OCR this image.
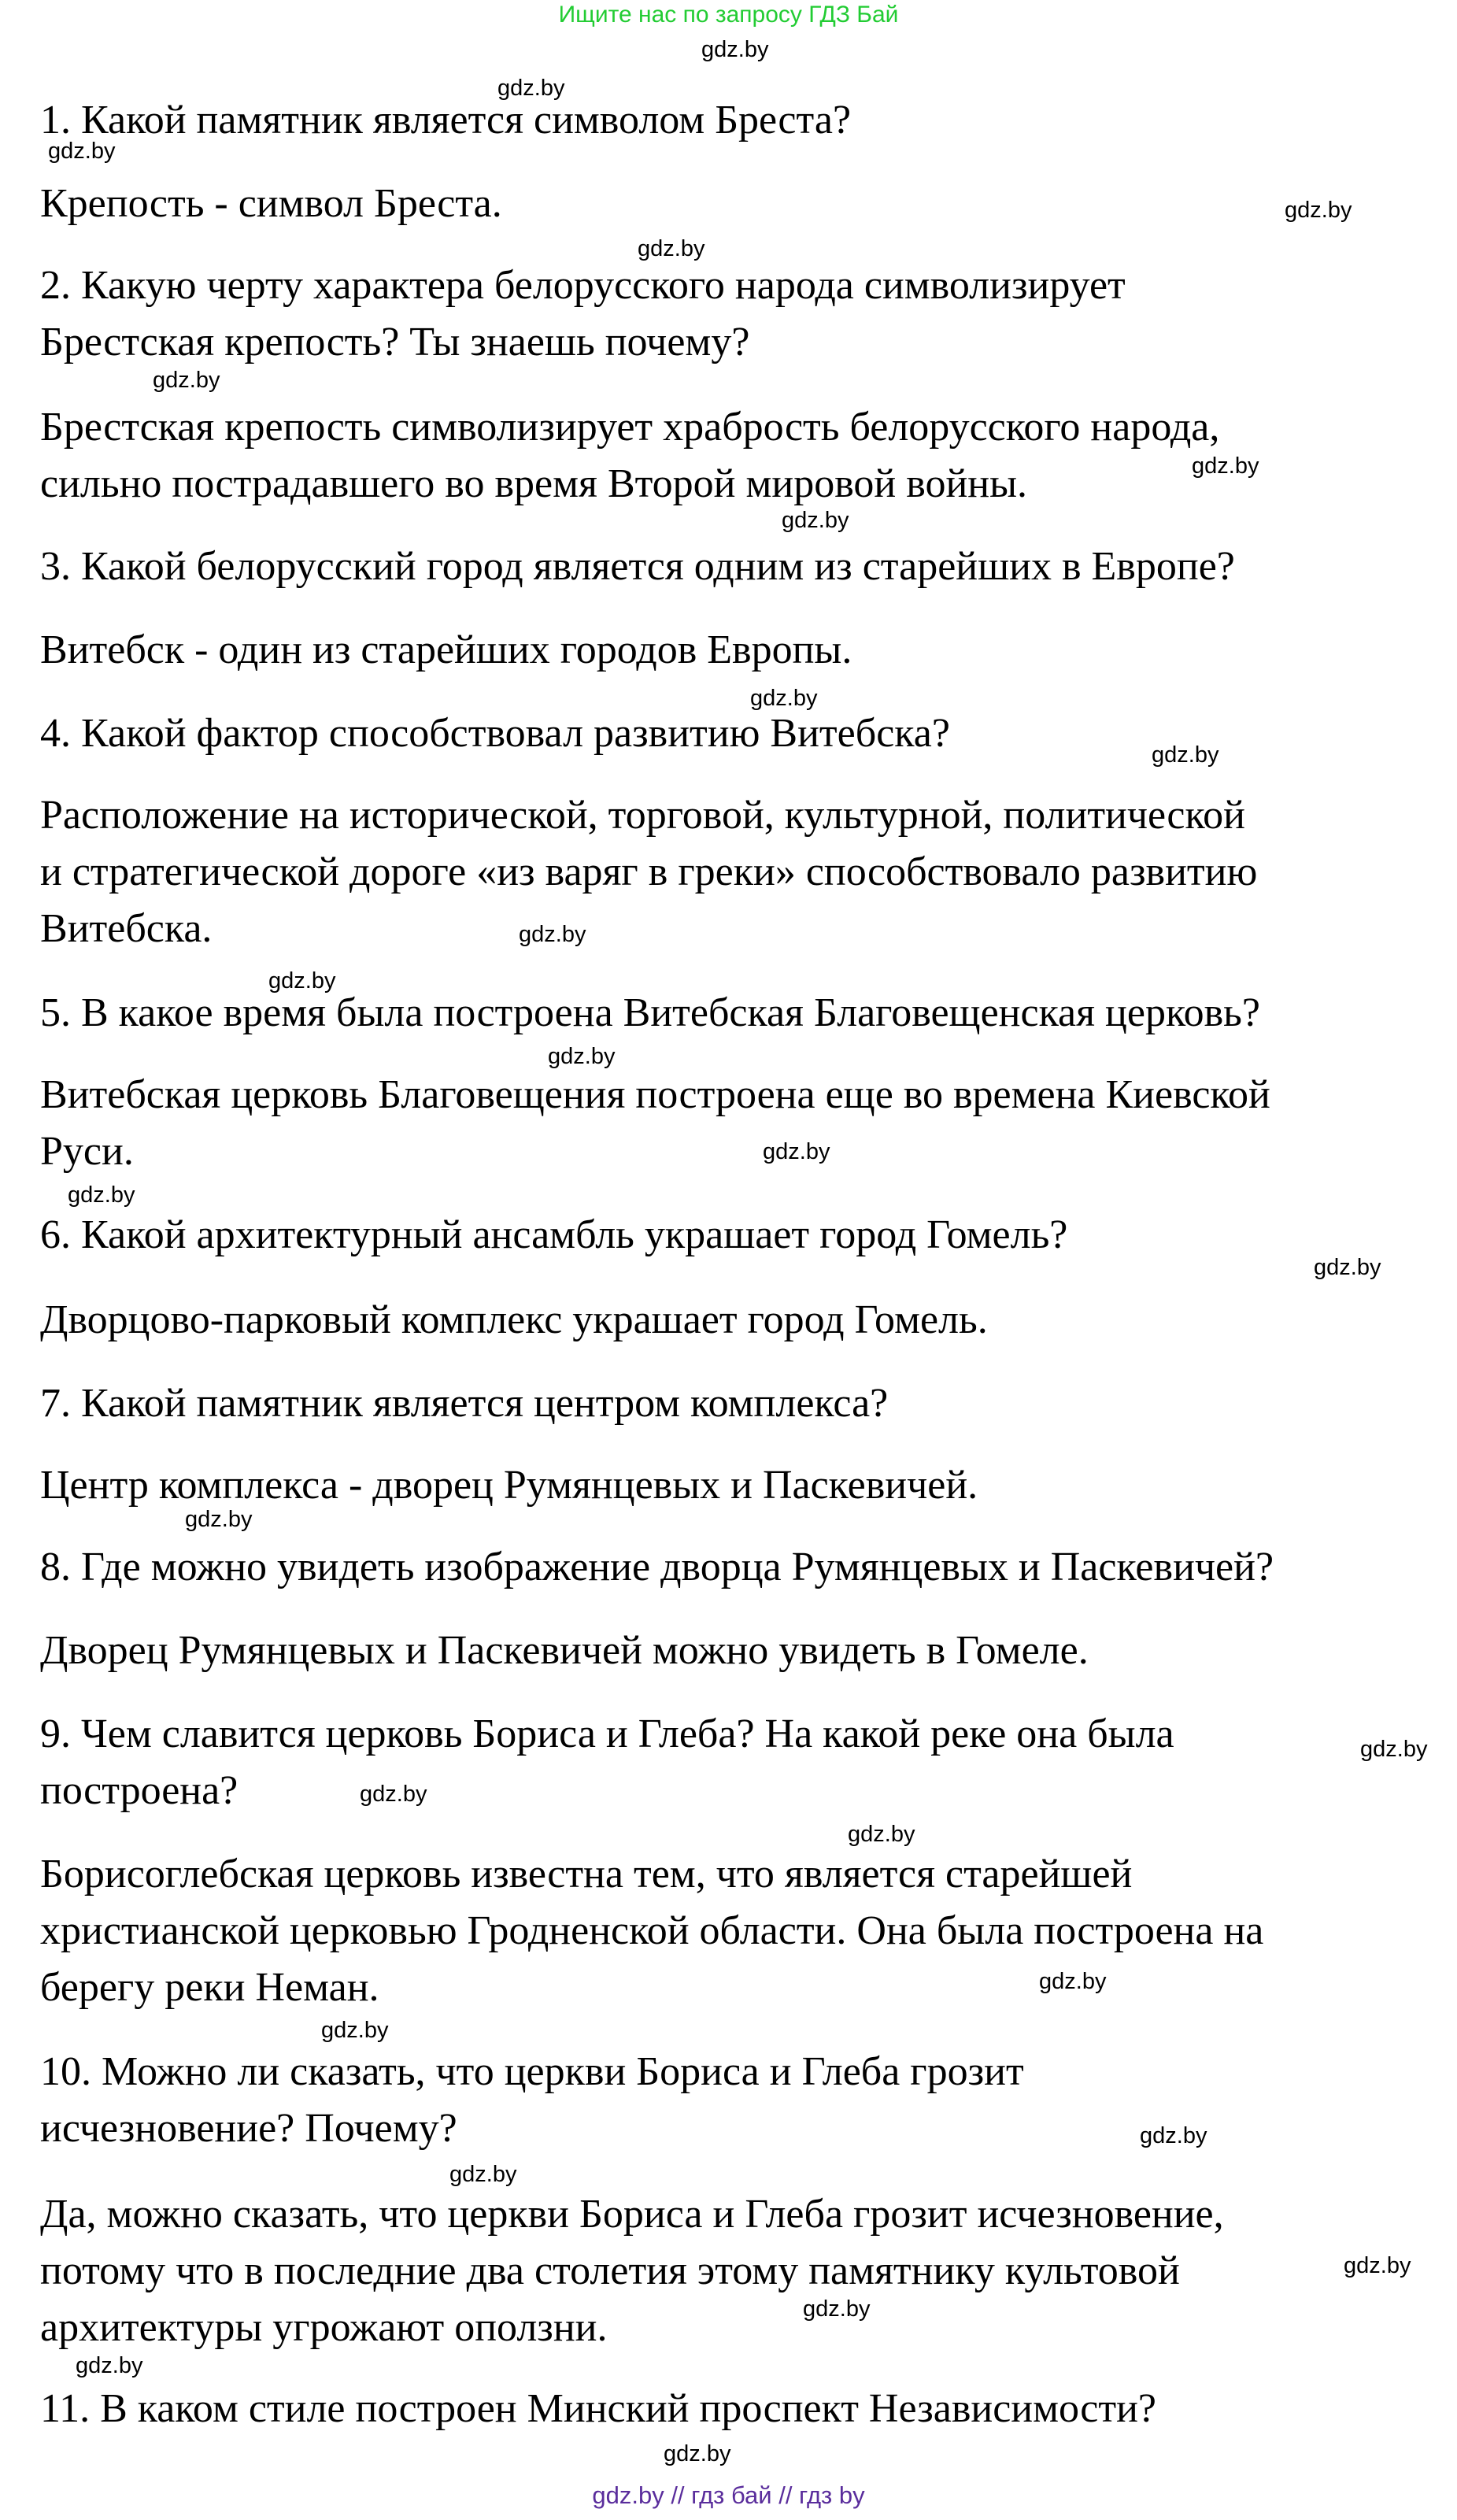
Ищите нас по запросу ГДЗ Бай
1. Какой памятник является символом Бреста?
Крепость - символ Бреста.
2. Какую черту характера белорусского народа символизирует
Брестская крепость? Ты знаешь почему?
Брестская крепость символизирует храбрость белорусского народа,
сильно пострадавшего во время Второй мировой войны.
3. Какой белорусский город является одним из старейших в Европе?
Витебск - один из старейших городов Европы.
4. Какой фактор способствовал развитию Витебска?
Расположение на исторической, торговой, культурной, политической
и стратегической дороге «из варяг в греки» способствовало развитию
Витебска.
5. В какое время была построена Витебская Благовещенская церковь?
Витебская церковь Благовещения построена еще во времена Киевской
Руси.
6. Какой архитектурный ансамбль украшает город Гомель?
Дворцово-парковый комплекс украшает город Гомель.
7. Какой памятник является центром комплекса?
Центр комплекса - дворец Румянцевых и Паскевичей.
8. Где можно увидеть изображение дворца Румянцевых и Паскевичей?
Дворец Румянцевых и Паскевичей можно увидеть в Гомеле.
9. Чем славится церковь Бориса и Глеба? На какой реке она была
построена?
Борисоглебская церковь известна тем, что является старейшей
христианской церковью Гродненской области. Она была построена на
берегу реки Неман.
10. Можно ли сказать, что церкви Бориса и Глеба грозит
исчезновение? Почему?
Да, можно сказать, что церкви Бориса и Глеба грозит исчезновение,
потому что в последние два столетия этому памятнику культовой
архитектуры угрожают оползни.
11. В каком стиле построен Минский проспект Независимости?
gdz.by
gdz.by
gdz.by
gdz.by
gdz.by
gdz.by
gdz.by
gdz.by
gdz.by
gdz.by
gdz.by
gdz.by
gdz.by
gdz.by
gdz.by
gdz.by
gdz.by
gdz.by
gdz.by
gdz.by
gdz.by
gdz.by
gdz.by
gdz.by
gdz.by
gdz.by
gdz.by
gdz.by
gdz.by // гдз бай // гдз by
